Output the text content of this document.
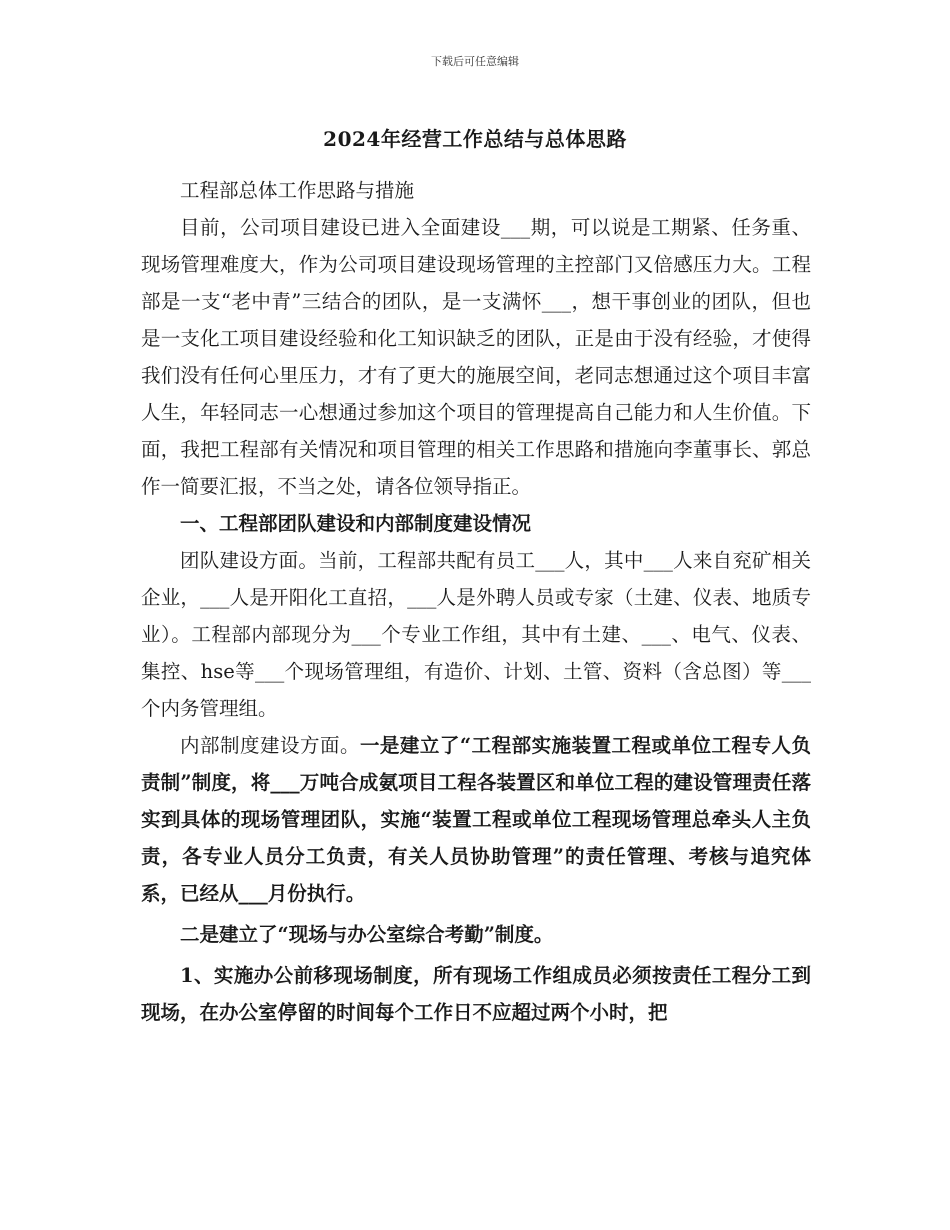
下载后可任意编辑
2024年经营工作总结与总体思路

工程部总体工作思路与措施

目前，公司项目建设已进入全面建设___期，可以说是工期紧、任务重、现场管理难度大，作为公司项目建设现场管理的主控部门又倍感压力大。工程部是一支“老中青”三结合的团队，是一支满怀___，想干事创业的团队，但也是一支化工项目建设经验和化工知识缺乏的团队，正是由于没有经验，才使得我们没有任何心里压力，才有了更大的施展空间，老同志想通过这个项目丰富人生，年轻同志一心想通过参加这个项目的管理提高自己能力和人生价值。下面，我把工程部有关情况和项目管理的相关工作思路和措施向李董事长、郭总作一简要汇报，不当之处，请各位领导指正。

一、工程部团队建设和内部制度建设情况

团队建设方面。当前，工程部共配有员工___人，其中___人来自兖矿相关企业，___人是开阳化工直招，___人是外聘人员或专家（土建、仪表、地质专业）。工程部内部现分为___个专业工作组，其中有土建、___、电气、仪表、集控、hse等___个现场管理组，有造价、计划、土管、资料（含总图）等___个内务管理组。

内部制度建设方面。一是建立了“工程部实施装置工程或单位工程专人负责制”制度，将___万吨合成氨项目工程各装置区和单位工程的建设管理责任落实到具体的现场管理团队，实施“装置工程或单位工程现场管理总牵头人主负责，各专业人员分工负责，有关人员协助管理”的责任管理、考核与追究体系，已经从___月份执行。

二是建立了“现场与办公室综合考勤”制度。

1、实施办公前移现场制度，所有现场工作组成员必须按责任工程分工到现场，在办公室停留的时间每个工作日不应超过两个小时，把
